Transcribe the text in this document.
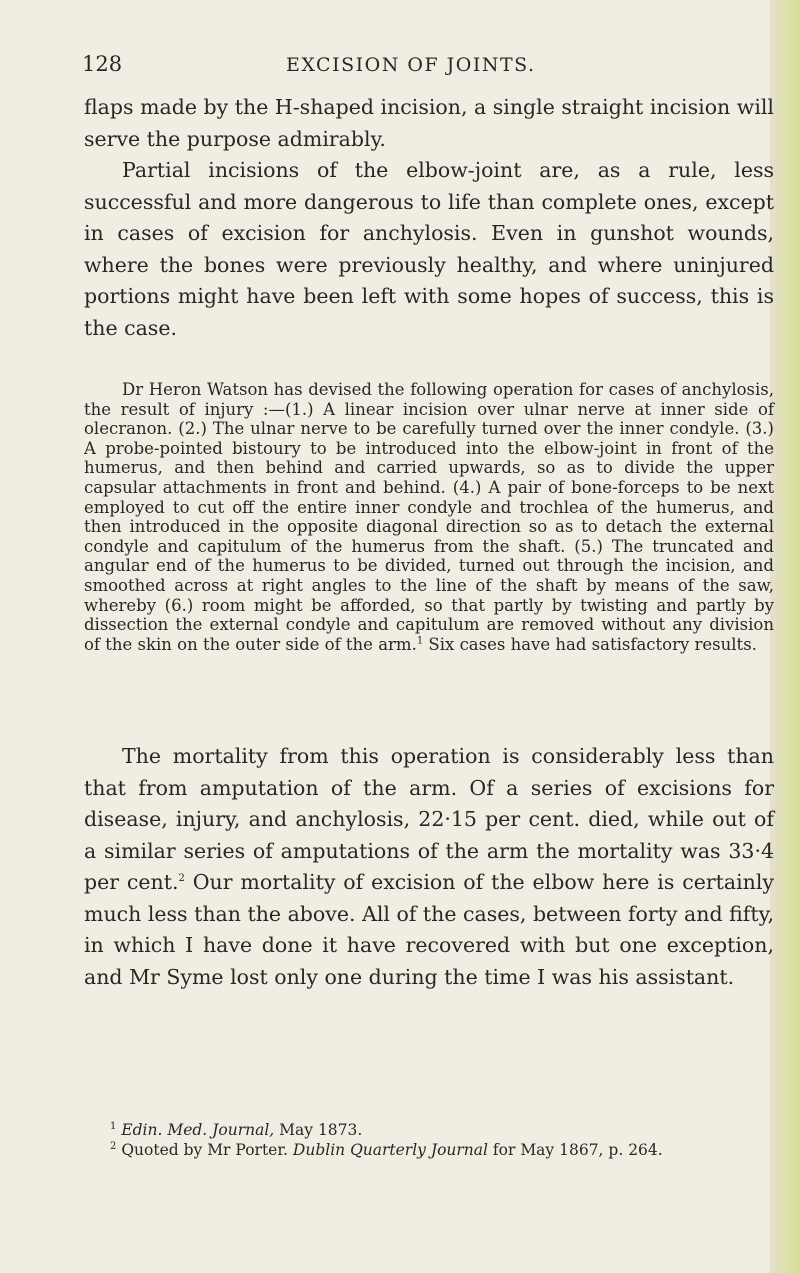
128	EXCISION OF JOINTS.

flaps made by the H-shaped incision, a single straight incision will serve the purpose admirably.

Partial incisions of the elbow-joint are, as a rule, less successful and more dangerous to life than complete ones, except in cases of excision for anchylosis. Even in gunshot wounds, where the bones were previously healthy, and where uninjured portions might have been left with some hopes of success, this is the case.

Dr Heron Watson has devised the following operation for cases of anchylosis, the result of injury :—(1.) A linear incision over ulnar nerve at inner side of olecranon. (2.) The ulnar nerve to be carefully turned over the inner condyle. (3.) A probe-pointed bistoury to be introduced into the elbow-joint in front of the humerus, and then behind and carried upwards, so as to divide the upper capsular attachments in front and behind. (4.) A pair of bone-forceps to be next employed to cut off the entire inner condyle and trochlea of the humerus, and then introduced in the opposite diagonal direction so as to detach the external condyle and capitulum of the humerus from the shaft. (5.) The truncated and angular end of the humerus to be divided, turned out through the incision, and smoothed across at right angles to the line of the shaft by means of the saw, whereby (6.) room might be afforded, so that partly by twisting and partly by dissection the external condyle and capitulum are removed without any division of the skin on the outer side of the arm.$^1$ Six cases have had satisfactory results.

The mortality from this operation is considerably less than that from amputation of the arm. Of a series of excisions for disease, injury, and anchylosis, 22·15 per cent. died, while out of a similar series of amputations of the arm the mortality was 33·4 per cent.$^2$ Our mortality of excision of the elbow here is certainly much less than the above. All of the cases, between forty and fifty, in which I have done it have recovered with but one exception, and Mr Syme lost only one during the time I was his assistant.

$^1$ Edin. Med. Journal, May 1873.

$^2$ Quoted by Mr Porter. Dublin Quarterly Journal for May 1867, p. 264.
